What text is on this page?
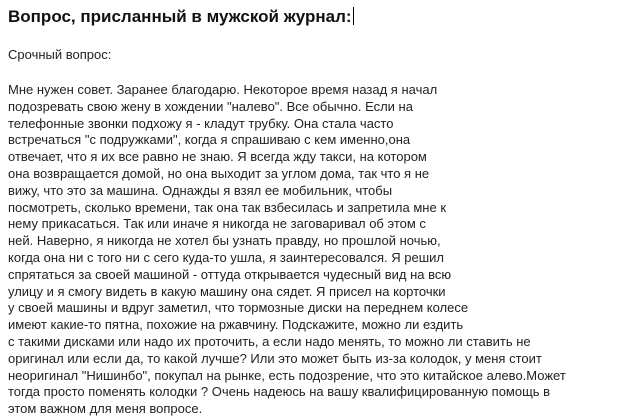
Вопрос, присланный в мужской журнал:
Срочный вопрос:
Мне нужен совет. Заранее благодарю. Некоторое время назад я начал
подозревать свою жену в хождении "налево". Все обычно. Если на
телефонные звонки подхожу я - кладут трубку. Она стала часто
встречаться "с подружками", когда я спрашиваю с кем именно,она
отвечает, что я их все равно не знаю. Я всегда жду такси, на котором
она возвращается домой, но она выходит за углом дома, так что я не
вижу, что это за машина. Однажды я взял ее мобильник, чтобы
посмотреть, сколько времени, так она так взбесилась и запретила мне к
нему прикасаться. Так или иначе я никогда не заговаривал об этом с
ней. Наверно, я никогда не хотел бы узнать правду, но прошлой ночью,
когда она ни с того ни с сего куда-то ушла, я заинтересовался. Я решил
спрятаться за своей машиной - оттуда открывается чудесный вид на всю
улицу и я смогу видеть в какую машину она сядет. Я присел на корточки
у своей машины и вдруг заметил, что тормозные диски на переднем колесе
имеют какие-то пятна, похожие на ржавчину. Подскажите, можно ли ездить
с такими дисками или надо их проточить, а если надо менять, то можно ли ставить не
оригинал или если да, то какой лучше? Или это может быть из-за колодок, у меня стоит
неоригинал "Нишинбо", покупал на рынке, есть подозрение, что это китайское алево.Может
тогда просто поменять колодки ? Очень надеюсь на вашу квалифицированную помощь в
этом важном для меня вопросе.
